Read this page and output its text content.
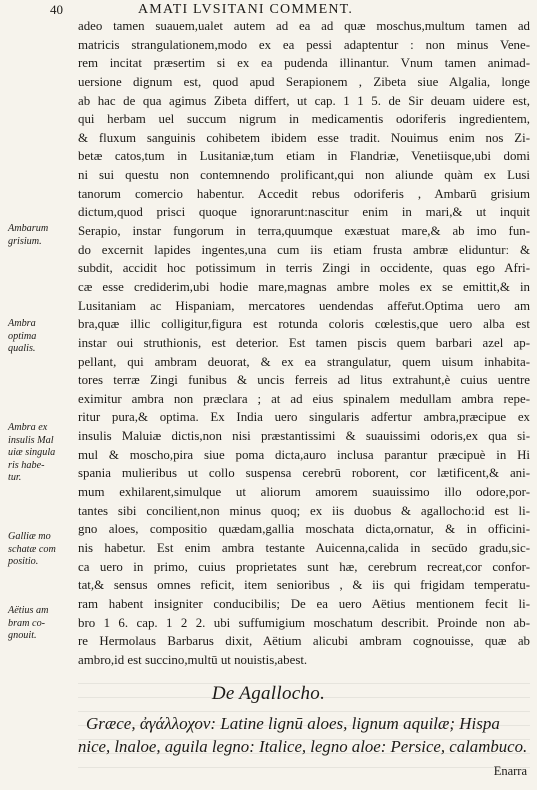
40	AMATI LVSITANI COMMENT.
adeo tamen suauem,ualet autem ad ea ad quæ moschus,multum tamen ad
matricis strangulationem,modo ex ea pessi adaptentur : non minus Vene-
rem incitat præsertim si ex ea pudenda illinantur. Vnum tamen animad-
uersione dignum est, quod apud Serapionem , Zibeta siue Algalia, longe
ab hac de qua agimus Zibeta differt, ut cap. 1 1 5. de Sir deuam uidere est,
qui herbam uel succum nigrum in medicamentis odoriferis ingredientem,
& fluxum sanguinis cohibetem ibidem esse tradit. Nouimus enim nos Zi-
betæ catos,tum in Lusitaniæ,tum etiam in Flandriæ, Venetiisque,ubi domi
ni sui questu non contemnendo prolificant,qui non aliunde quàm ex Lusi
tanorum comercio habentur. Accedit rebus odoriferis , Ambarū grisium
dictum,quod prisci quoque ignorarunt:nascitur enim in mari,& ut inquit
Serapio, instar fungorum in terra,quumque exæstuat mare,& ab imo fun-
do excernit lapides ingentes,una cum iis etiam frusta ambræ elidunturː &
subdit, accidit hoc potissimum in terris Zingi in occidente, quas ego Afri-
cæ esse crediderim,ubi hodie mare,magnas ambre moles ex se emittit,& in
Lusitaniam ac Hispaniam, mercatores uendendas affer̄ut.Optima uero am
bra,quæ illic colligitur,figura est rotunda coloris cœlestis,que uero alba est
instar oui struthionis, est deterior. Est tamen piscis quem barbari azel ap-
pellant, qui ambram deuorat, & ex ea strangulatur, quem uisum inhabita-
tores terræ Zingi funibus & uncis ferreis ad litus extrahunt,è cuius uentre
eximitur ambra non præclara ; at ad eius spinalem medullam ambra repe-
ritur pura,& optima. Ex India uero singularis adfertur ambra,præcipue ex
insulis Maluiæ dictis,non nisi præstantissimi & suauissimi odoris,ex qua si-
mul & moscho,pira siue poma dicta,auro inclusa parantur præcipuè in Hi
spania mulieribus ut collo suspensa cerebrū roborent, cor lætificent,& ani-
mum exhilarent,simulque ut aliorum amorem suauissimo illo odore,por-
tantes sibi concilient,non minus quoq; ex iis duobus & agallocho:id est li-
gno aloes, compositio quædam,gallia moschata dicta,ornatur, & in officini-
nis habetur. Est enim ambra testante Auicenna,calida in secūdo gradu,sic-
ca uero in primo, cuius proprietates sunt hæ, cerebrum recreat,cor confor-
tat,& sensus omnes reficit, item senioribus , & iis qui frigidam temperatu-
ram habent insigniter conducibilis; De ea uero Aëtius mentionem fecit li-
bro 1 6. cap. 1 2 2. ubi suffumigium moschatum describit. Proinde non ab-
re Hermolaus Barbarus dixit, Aëtium alicubi ambram cognouisse, quæ ab
ambro,id est succino,multū ut nouistis,abest.
Ambarum
grisium.
Ambra
optima
qualis.
Ambra ex
insulis Mal
uiæ singula
ris habe-
tur.
Galliæ mo
schatæ com
positio.
Aëtius am
bram co-
gnouit.
De Agallocho.
Græce, ἀγάλλοχον: Latine lignū aloes, lignum aquilæ; Hispa
nice, lnaloe, aguila legno: Italice, legno aloe: Persice, calambuco.
Enarra
